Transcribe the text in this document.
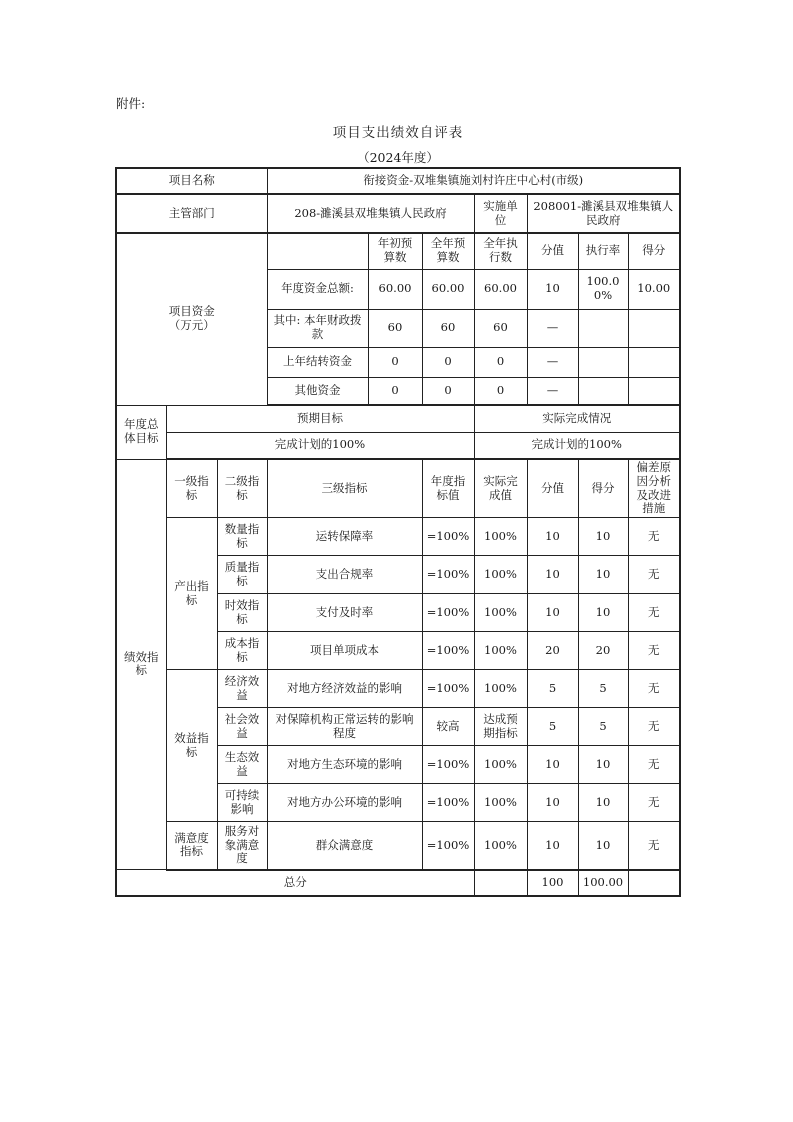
附件:
项目支出绩效自评表
（2024年度）
项目名称			衔接资金-双堆集镇施刘村许庄中心村(市级)						
主管部门			208-濉溪县双堆集镇人民政府			实施单位	208001-濉溪县双堆集镇人民政府		

项目资金（万元）				年初预算数	全年预算数	全年执行数	分值	执行率	得分
			年度资金总额:	60.00	60.00	60.00	10	100.00%	10.00
			其中: 本年财政拨款	60	60	60	—		
			上年结转资金	0	0	0	—		
			其他资金	0	0	0	—		
年度总体目标	预期目标					实际完成情况			
	完成计划的100%					完成计划的100%			
绩效指标	一级指标	二级指标	三级指标		年度指标值	实际完成值	分值	得分	偏差原因分析及改进措施
	产出指标	数量指标	运转保障率		=100%	100%	10	10	无
		质量指标	支出合规率		=100%	100%	10	10	无
		时效指标	支付及时率		=100%	100%	10	10	无
		成本指标	项目单项成本		=100%	100%	20	20	无
	效益指标	经济效益	对地方经济效益的影响		=100%	100%	5	5	无
		社会效益	对保障机构正常运转的影响程度		较高	达成预期指标	5	5	无
		生态效益	对地方生态环境的影响		=100%	100%	10	10	无
		可持续影响	对地方办公环境的影响		=100%	100%	10	10	无
	满意度指标	服务对象满意度	群众满意度		=100%	100%	10	10	无
总分							100	100.00	
